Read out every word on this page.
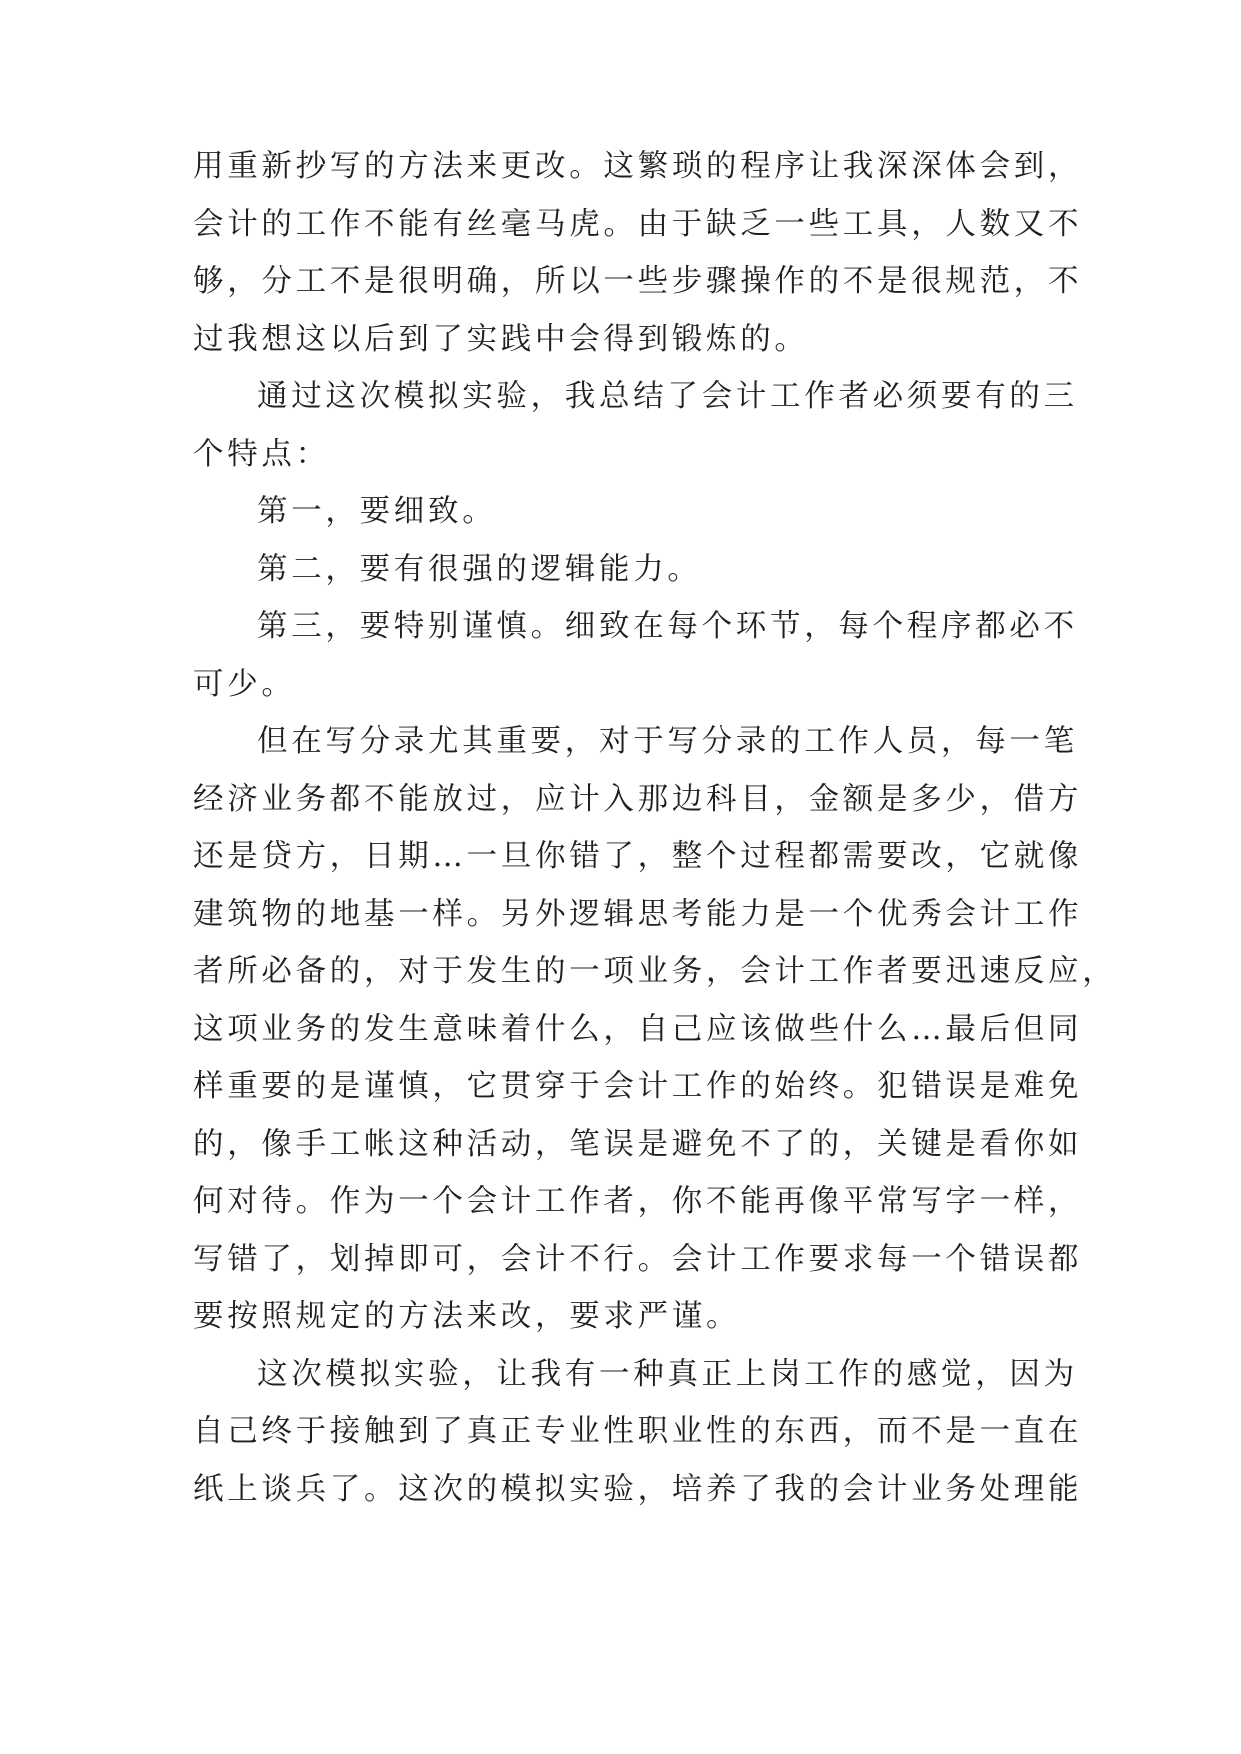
用重新抄写的方法来更改。这繁琐的程序让我深深体会到，
会计的工作不能有丝毫马虎。由于缺乏一些工具，人数又不
够，分工不是很明确，所以一些步骤操作的不是很规范，不
过我想这以后到了实践中会得到锻炼的。
通过这次模拟实验，我总结了会计工作者必须要有的三
个特点：
第一，要细致。
第二，要有很强的逻辑能力。
第三，要特别谨慎。细致在每个环节，每个程序都必不
可少。
但在写分录尤其重要，对于写分录的工作人员，每一笔
经济业务都不能放过，应计入那边科目，金额是多少，借方
还是贷方，日期…一旦你错了，整个过程都需要改，它就像
建筑物的地基一样。另外逻辑思考能力是一个优秀会计工作
者所必备的，对于发生的一项业务，会计工作者要迅速反应，
这项业务的发生意味着什么，自己应该做些什么…最后但同
样重要的是谨慎，它贯穿于会计工作的始终。犯错误是难免
的，像手工帐这种活动，笔误是避免不了的，关键是看你如
何对待。作为一个会计工作者，你不能再像平常写字一样，
写错了，划掉即可，会计不行。会计工作要求每一个错误都
要按照规定的方法来改，要求严谨。
这次模拟实验，让我有一种真正上岗工作的感觉，因为
自己终于接触到了真正专业性职业性的东西，而不是一直在
纸上谈兵了。这次的模拟实验，培养了我的会计业务处理能
